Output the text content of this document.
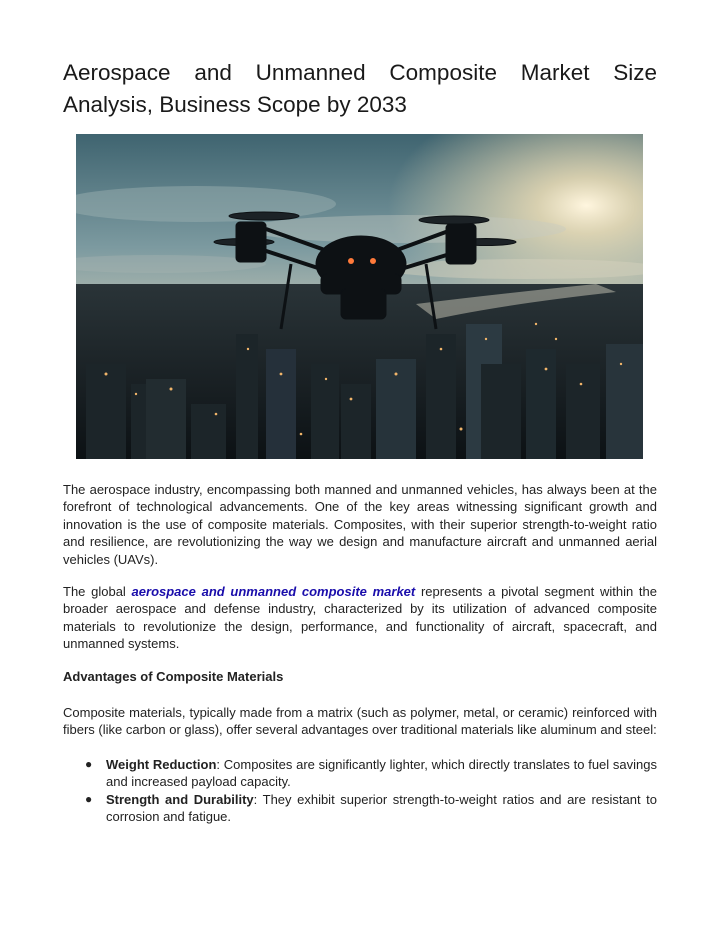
Aerospace and Unmanned Composite Market Size Analysis, Business Scope by 2033

The aerospace industry, encompassing both manned and unmanned vehicles, has always been at the forefront of technological advancements. One of the key areas witnessing significant growth and innovation is the use of composite materials. Composites, with their superior strength-to-weight ratio and resilience, are revolutionizing the way we design and manufacture aircraft and unmanned aerial vehicles (UAVs).

The global aerospace and unmanned composite market represents a pivotal segment within the broader aerospace and defense industry, characterized by its utilization of advanced composite materials to revolutionize the design, performance, and functionality of aircraft, spacecraft, and unmanned systems.

Advantages of Composite Materials

Composite materials, typically made from a matrix (such as polymer, metal, or ceramic) reinforced with fibers (like carbon or glass), offer several advantages over traditional materials like aluminum and steel:

● Weight Reduction: Composites are significantly lighter, which directly translates to fuel savings and increased payload capacity.
● Strength and Durability: They exhibit superior strength-to-weight ratios and are resistant to corrosion and fatigue.
